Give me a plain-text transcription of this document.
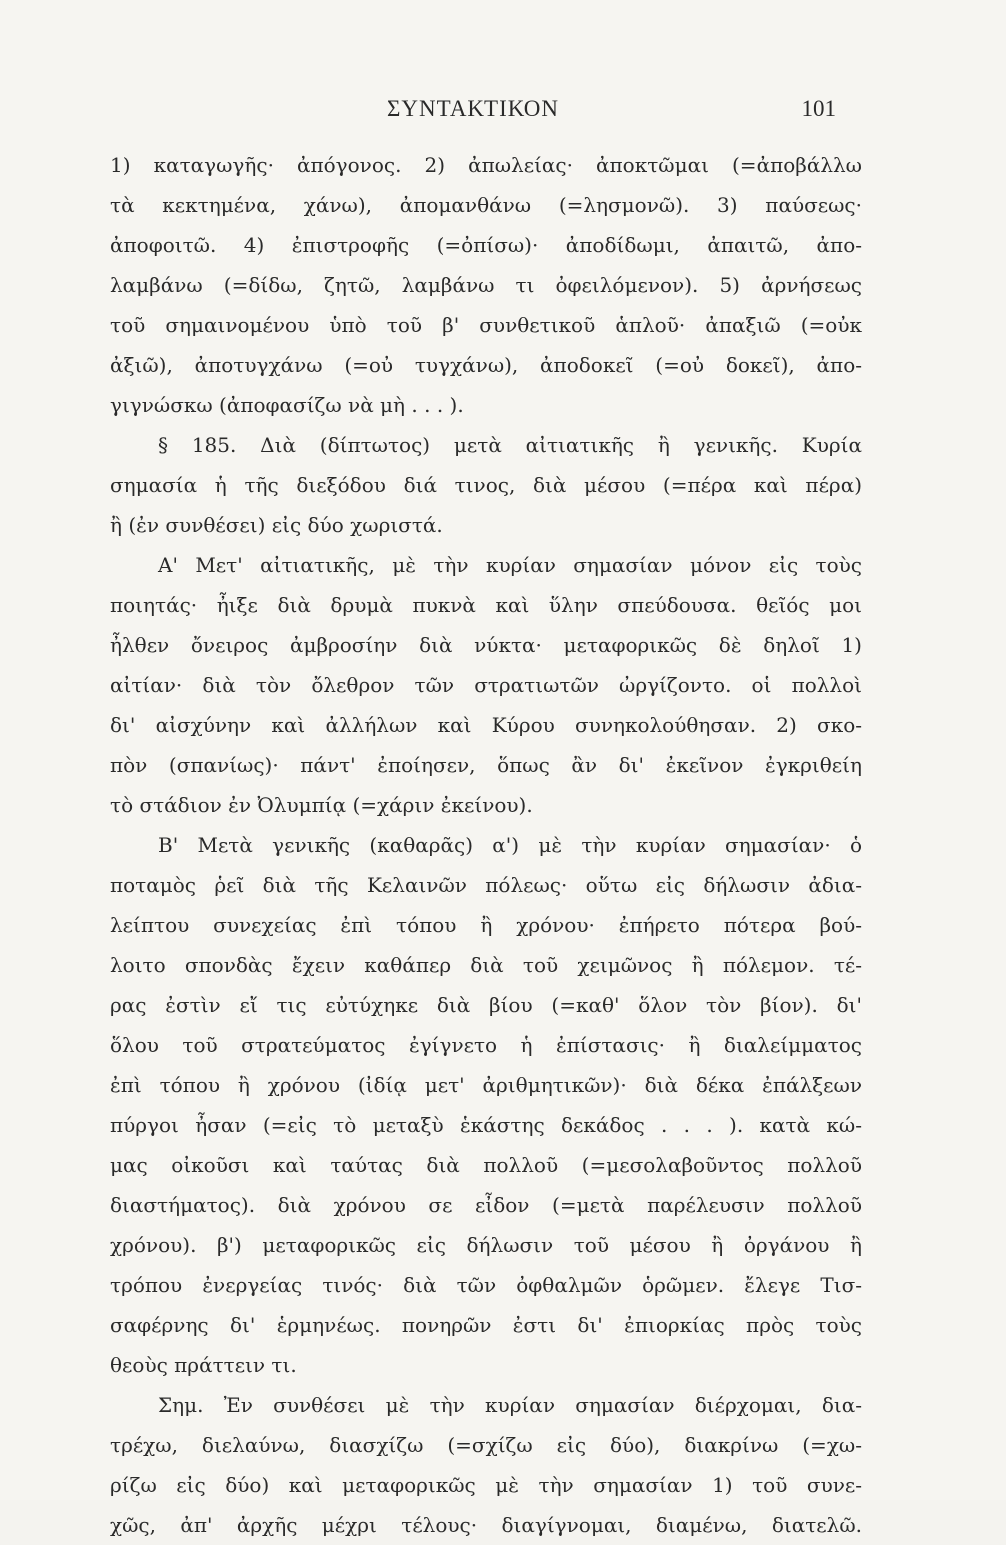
ΣΥΝΤΑΚΤΙΚΟΝ	101
1) καταγωγῆς· ἀπόγονος. 2) ἀπωλείας· ἀποκτῶμαι (=ἀποβάλλω
τὰ κεκτημένα, χάνω), ἀπομανθάνω (=λησμονῶ). 3) παύσεως·
ἀποφοιτῶ. 4) ἐπιστροφῆς (=ὀπίσω)· ἀποδίδωμι, ἀπαιτῶ, ἀπο-
λαμβάνω (=δίδω, ζητῶ, λαμβάνω τι ὀφειλόμενον). 5) ἀρνήσεως
τοῦ σημαινομένου ὑπὸ τοῦ β' συνθετικοῦ ἁπλοῦ· ἀπαξιῶ (=οὐκ
ἀξιῶ), ἀποτυγχάνω (=οὐ τυγχάνω), ἀποδοκεῖ (=οὐ δοκεῖ), ἀπο-
γιγνώσκω (ἀποφασίζω νὰ μὴ . . . ).
§ 185. Διὰ (δίπτωτος) μετὰ αἰτιατικῆς ἢ γενικῆς. Κυρία
σημασία ἡ τῆς διεξόδου διά τινος, διὰ μέσου (=πέρα καὶ πέρα)
ἢ (ἐν συνθέσει) εἰς δύο χωριστά.
Α' Μετ' αἰτιατικῆς, μὲ τὴν κυρίαν σημασίαν μόνον εἰς τοὺς
ποιητάς· ἦιξε διὰ δρυμὰ πυκνὰ καὶ ὕλην σπεύδουσα. θεῖός μοι
ἦλθεν ὄνειρος ἀμβροσίην διὰ νύκτα· μεταφορικῶς δὲ δηλοῖ 1)
αἰτίαν· διὰ τὸν ὄλεθρον τῶν στρατιωτῶν ὠργίζοντο. οἱ πολλοὶ
δι' αἰσχύνην καὶ ἀλλήλων καὶ Κύρου συνηκολούθησαν. 2) σκο-
πὸν (σπανίως)· πάντ' ἐποίησεν, ὅπως ἂν δι' ἐκεῖνον ἐγκριθείη
τὸ στάδιον ἐν Ὀλυμπίᾳ (=χάριν ἐκείνου).
Β' Μετὰ γενικῆς (καθαρᾶς) α') μὲ τὴν κυρίαν σημασίαν· ὁ
ποταμὸς ῥεῖ διὰ τῆς Κελαινῶν πόλεως· οὕτω εἰς δήλωσιν ἀδια-
λείπτου συνεχείας ἐπὶ τόπου ἢ χρόνου· ἐπήρετο πότερα βού-
λοιτο σπονδὰς ἔχειν καθάπερ διὰ τοῦ χειμῶνος ἢ πόλεμον. τέ-
ρας ἐστὶν εἴ τις εὐτύχηκε διὰ βίου (=καθ' ὅλον τὸν βίον). δι'
ὅλου τοῦ στρατεύματος ἐγίγνετο ἡ ἐπίστασις· ἢ διαλείμματος
ἐπὶ τόπου ἢ χρόνου (ἰδίᾳ μετ' ἀριθμητικῶν)· διὰ δέκα ἐπάλξεων
πύργοι ἦσαν (=εἰς τὸ μεταξὺ ἑκάστης δεκάδος . . . ). κατὰ κώ-
μας οἰκοῦσι καὶ ταύτας διὰ πολλοῦ (=μεσολαβοῦντος πολλοῦ
διαστήματος). διὰ χρόνου σε εἶδον (=μετὰ παρέλευσιν πολλοῦ
χρόνου). β') μεταφορικῶς εἰς δήλωσιν τοῦ μέσου ἢ ὀργάνου ἢ
τρόπου ἐνεργείας τινός· διὰ τῶν ὀφθαλμῶν ὁρῶμεν. ἔλεγε Τισ-
σαφέρνης δι' ἑρμηνέως. πονηρῶν ἐστι δι' ἐπιορκίας πρὸς τοὺς
θεοὺς πράττειν τι.
Σημ. Ἐν συνθέσει μὲ τὴν κυρίαν σημασίαν διέρχομαι, δια-
τρέχω, διελαύνω, διασχίζω (=σχίζω εἰς δύο), διακρίνω (=χω-
ρίζω εἰς δύο) καὶ μεταφορικῶς μὲ τὴν σημασίαν 1) τοῦ συνε-
χῶς, ἀπ' ἀρχῆς μέχρι τέλους· διαγίγνομαι, διαμένω, διατελῶ.
